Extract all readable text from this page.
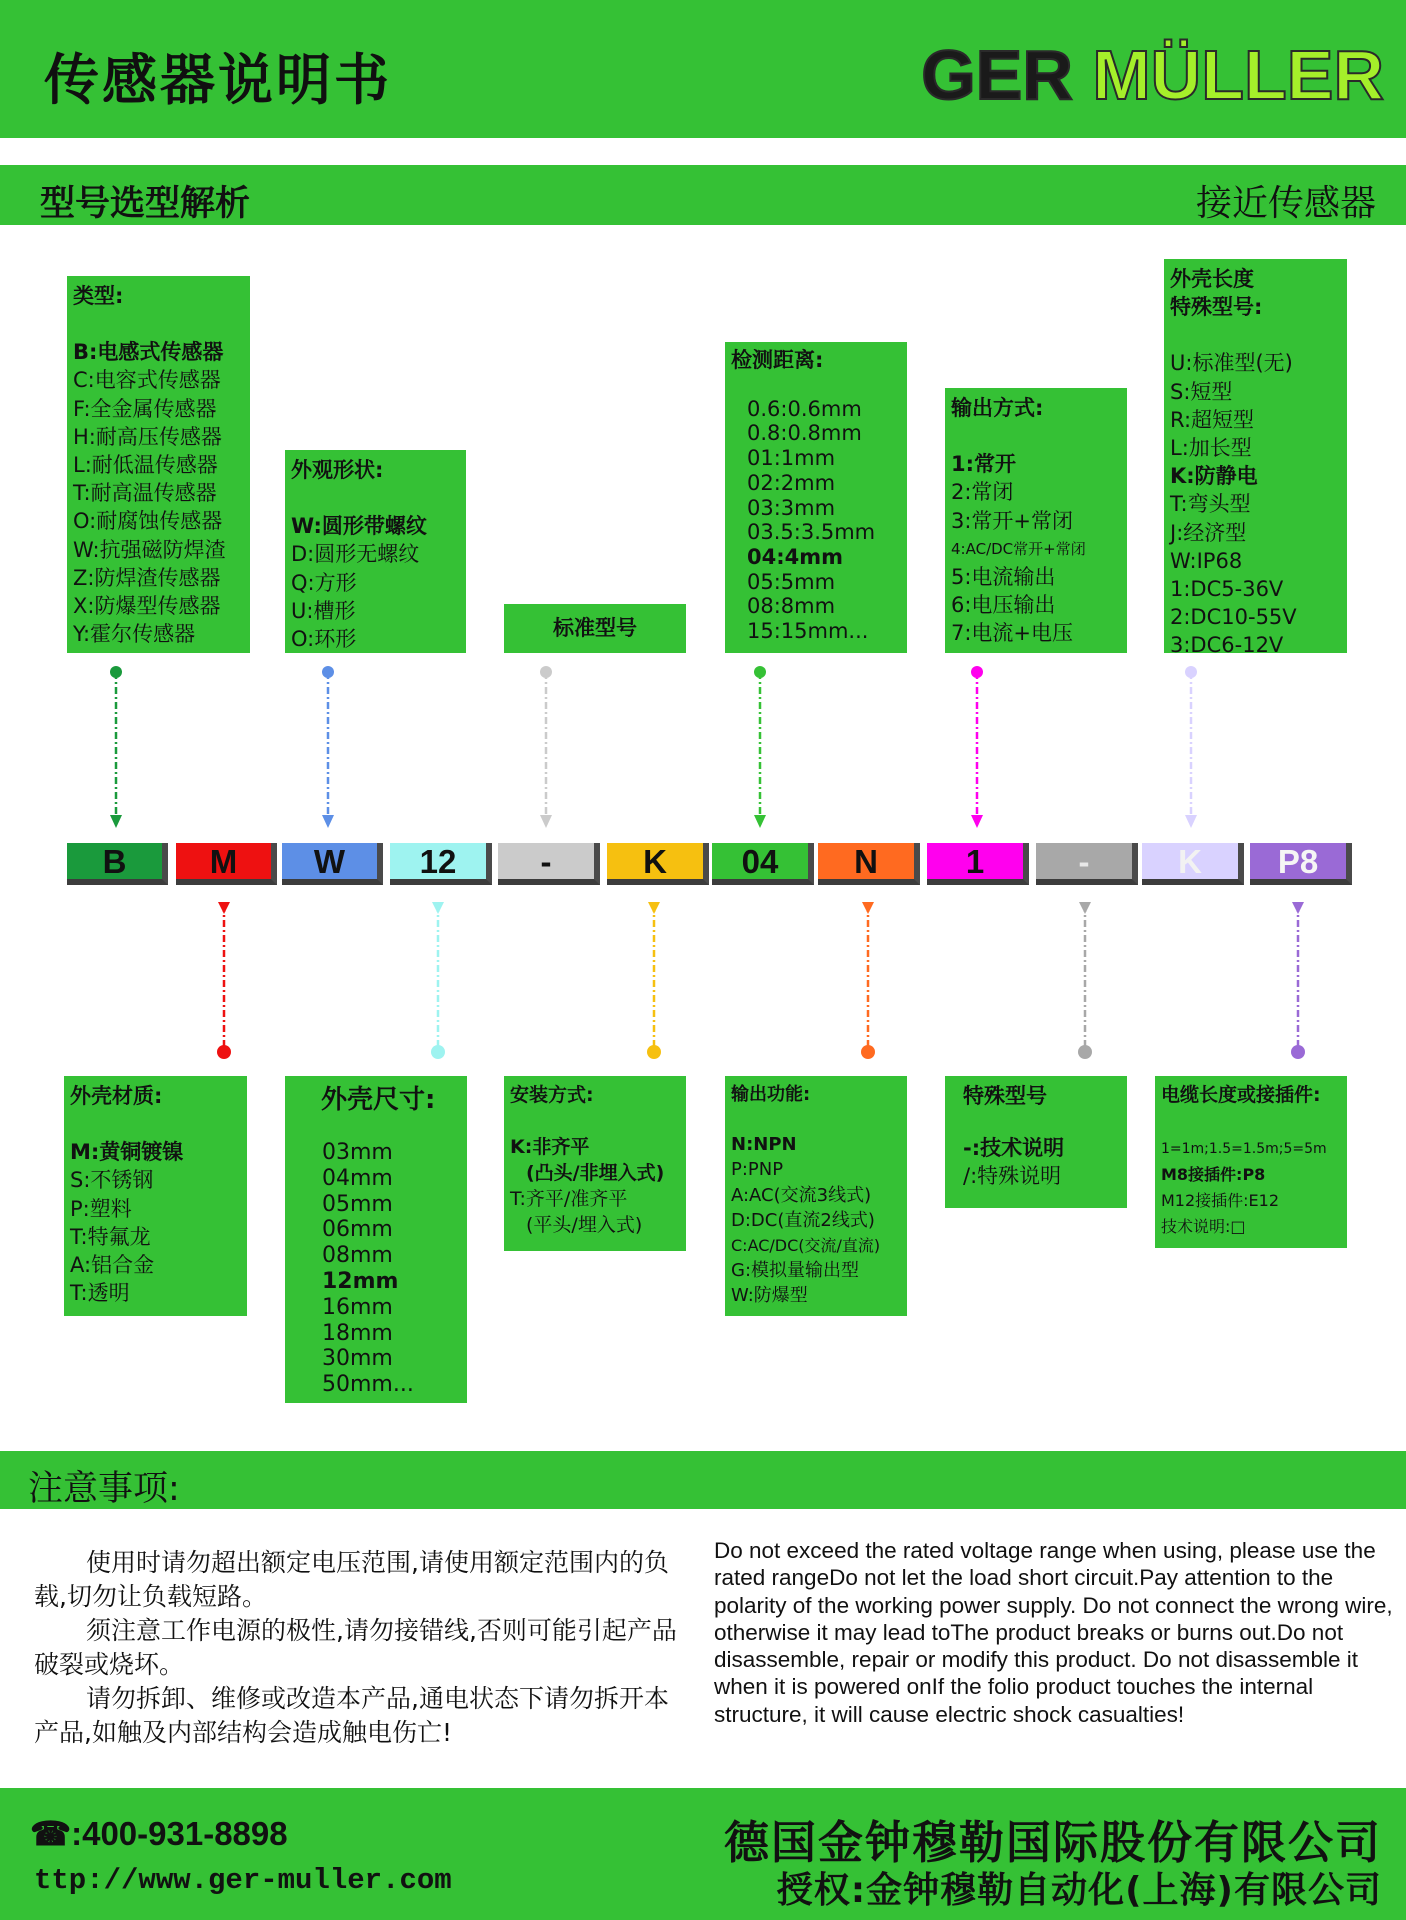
传感器说明书	GER MÜLLER
型号选型解析	接近传感器
类型:
B:电感式传感器
C:电容式传感器
F:全金属传感器
H:耐高压传感器
L:耐低温传感器
T:耐高温传感器
O:耐腐蚀传感器
W:抗强磁防焊渣
Z:防焊渣传感器
X:防爆型传感器
Y:霍尔传感器
外观形状:
W:圆形带螺纹
D:圆形无螺纹
Q:方形
U:槽形
O:环形	标准型号
检测距离:
0.6:0.6mm
0.8:0.8mm
01:1mm
02:2mm
03:3mm
03.5:3.5mm
04:4mm
05:5mm
08:8mm
15:15mm...
输出方式:
1:常开
2:常闭
3:常开+常闭
4:AC/DC常开+常闭
5:电流输出
6:电压输出
7:电流+电压
外壳长度
特殊型号:
U:标准型(无)
S:短型
R:超短型
L:加长型
K:防静电
T:弯头型
J:经济型
W:IP68
1:DC5-36V
2:DC10-55V
3:DC6-12V
B	M	W	12	-	K	04	N	1	-	K	P8
外壳材质:
M:黄铜镀镍
S:不锈钢
P:塑料
T:特氟龙
A:铝合金
T:透明
外壳尺寸:
03mm
04mm
05mm
06mm
08mm
12mm
16mm
18mm
30mm
50mm...
安装方式:
K:非齐平
(凸头/非埋入式)
T:齐平/准齐平
(平头/埋入式)
输出功能:
N:NPN
P:PNP
A:AC(交流3线式)
D:DC(直流2线式)
C:AC/DC(交流/直流)
G:模拟量输出型
W:防爆型
特殊型号
-:技术说明
/:特殊说明
电缆长度或接插件:
1=1m;1.5=1.5m;5=5m
M8接插件:P8
M12接插件:E12
技术说明:□
注意事项:

使用时请勿超出额定电压范围,请使用额定范围内的负载,切勿让负载短路。

须注意工作电源的极性,请勿接错线,否则可能引起产品破裂或烧坏。

请勿拆卸、维修或改造本产品,通电状态下请勿拆开本产品,如触及内部结构会造成触电伤亡!

Do not exceed the rated voltage range when using, please use the rated rangeDo not let the load short circuit.Pay attention to the polarity of the working power supply. Do not connect the wrong wire, otherwise it may lead toThe product breaks or burns out.Do not disassemble, repair or modify this product. Do not disassemble it when it is powered onIf the folio product touches the internal structure, it will cause electric shock casualties!
☎:400-931-8898
ttp://www.ger-muller.com
德国金钟穆勒国际股份有限公司
授权:金钟穆勒自动化(上海)有限公司
